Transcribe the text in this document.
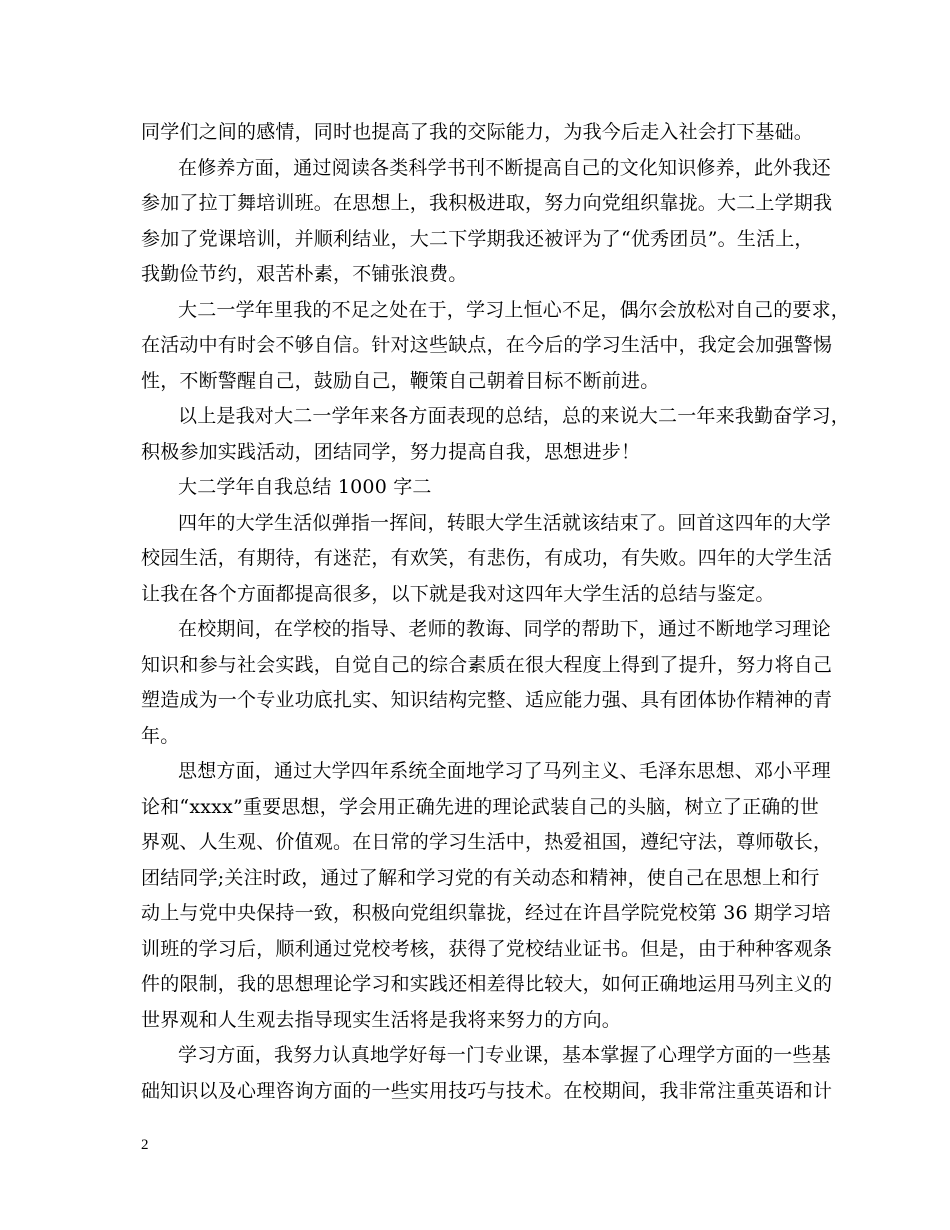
同学们之间的感情，同时也提高了我的交际能力，为我今后走入社会打下基础。
在修养方面，通过阅读各类科学书刊不断提高自己的文化知识修养，此外我还
参加了拉丁舞培训班。在思想上，我积极进取，努力向党组织靠拢。大二上学期我
参加了党课培训，并顺利结业，大二下学期我还被评为了“优秀团员”。生活上，
我勤俭节约，艰苦朴素，不铺张浪费。
大二一学年里我的不足之处在于，学习上恒心不足，偶尔会放松对自己的要求，
在活动中有时会不够自信。针对这些缺点，在今后的学习生活中，我定会加强警惕
性，不断警醒自己，鼓励自己，鞭策自己朝着目标不断前进。
以上是我对大二一学年来各方面表现的总结，总的来说大二一年来我勤奋学习，
积极参加实践活动，团结同学，努力提高自我，思想进步！
大二学年自我总结 1000 字二
四年的大学生活似弹指一挥间，转眼大学生活就该结束了。回首这四年的大学
校园生活，有期待，有迷茫，有欢笑，有悲伤，有成功，有失败。四年的大学生活
让我在各个方面都提高很多，以下就是我对这四年大学生活的总结与鉴定。
在校期间，在学校的指导、老师的教诲、同学的帮助下，通过不断地学习理论
知识和参与社会实践，自觉自己的综合素质在很大程度上得到了提升，努力将自己
塑造成为一个专业功底扎实、知识结构完整、适应能力强、具有团体协作精神的青
年。
思想方面，通过大学四年系统全面地学习了马列主义、毛泽东思想、邓小平理
论和“xxxx”重要思想，学会用正确先进的理论武装自己的头脑，树立了正确的世
界观、人生观、价值观。在日常的学习生活中，热爱祖国，遵纪守法，尊师敬长，
团结同学;关注时政，通过了解和学习党的有关动态和精神，使自己在思想上和行
动上与党中央保持一致，积极向党组织靠拢，经过在许昌学院党校第 36 期学习培
训班的学习后，顺利通过党校考核，获得了党校结业证书。但是，由于种种客观条
件的限制，我的思想理论学习和实践还相差得比较大，如何正确地运用马列主义的
世界观和人生观去指导现实生活将是我将来努力的方向。
学习方面，我努力认真地学好每一门专业课，基本掌握了心理学方面的一些基
础知识以及心理咨询方面的一些实用技巧与技术。在校期间，我非常注重英语和计
2
